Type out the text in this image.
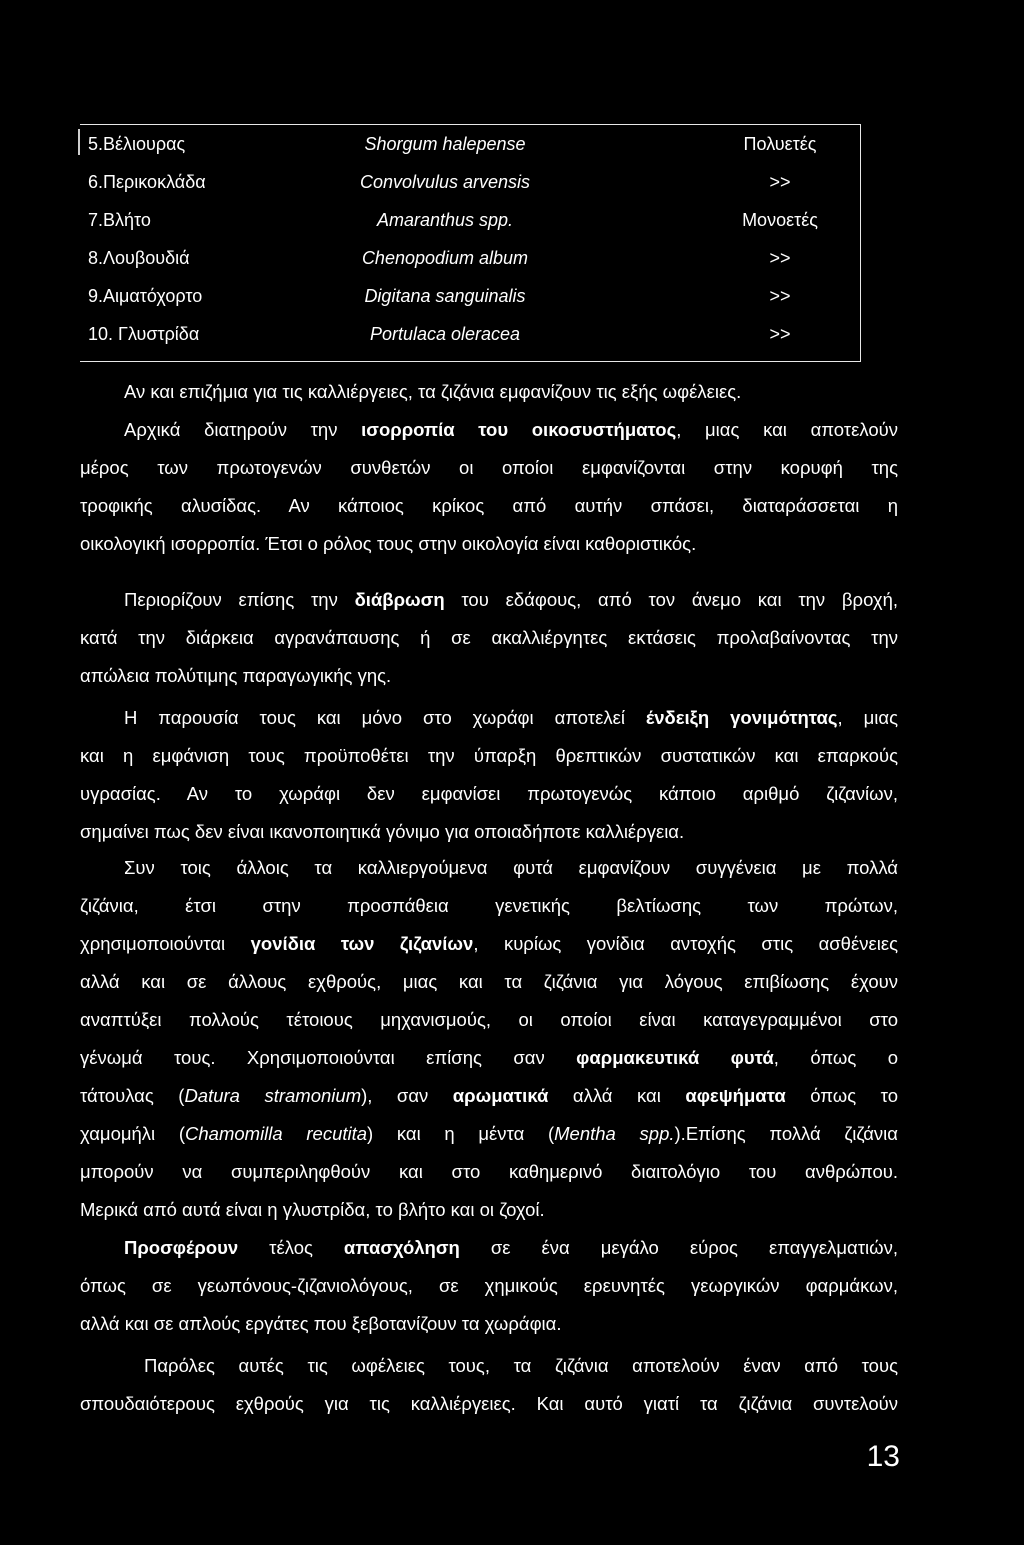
5.Βέλιουρας	Shorgum halepense	Πολυετές
6.Περικοκλάδα	Convolvulus arvensis	>>
7.Βλήτο	Amaranthus spp.	Μονοετές
8.Λουβουδιά	Chenopodium album	>>
9.Αιματόχορτο	Digitana sanguinalis	>>
10. Γλυστρίδα	Portulaca oleracea	>>
Αν και επιζήμια για τις καλλιέργειες, τα ζιζάνια εμφανίζουν τις εξής ωφέλειες.
Αρχικά διατηρούν την ισορροπία του οικοσυστήματος, μιας και αποτελούν
μέρος των πρωτογενών συνθετών οι οποίοι εμφανίζονται στην κορυφή της
τροφικής αλυσίδας. Αν κάποιος κρίκος από αυτήν σπάσει, διαταράσσεται η
οικολογική ισορροπία. Έτσι ο ρόλος τους στην οικολογία είναι καθοριστικός.
Περιορίζουν επίσης την διάβρωση του εδάφους, από τον άνεμο και την βροχή,
κατά την διάρκεια αγρανάπαυσης ή σε ακαλλιέργητες εκτάσεις προλαβαίνοντας την
απώλεια πολύτιμης παραγωγικής γης.
Η παρουσία τους και μόνο στο χωράφι αποτελεί ένδειξη γονιμότητας, μιας
και η εμφάνιση τους προϋποθέτει την ύπαρξη θρεπτικών συστατικών και επαρκούς
υγρασίας. Αν το χωράφι δεν εμφανίσει πρωτογενώς κάποιο αριθμό ζιζανίων,
σημαίνει πως δεν είναι ικανοποιητικά γόνιμο για οποιαδήποτε καλλιέργεια.
Συν τοις άλλοις τα καλλιεργούμενα φυτά εμφανίζουν συγγένεια με πολλά
ζιζάνια, έτσι στην προσπάθεια γενετικής βελτίωσης των πρώτων,
χρησιμοποιούνται γονίδια των ζιζανίων, κυρίως γονίδια αντοχής στις ασθένειες
αλλά και σε άλλους εχθρούς, μιας και τα ζιζάνια για λόγους επιβίωσης έχουν
αναπτύξει πολλούς τέτοιους μηχανισμούς, οι οποίοι είναι καταγεγραμμένοι στο
γένωμά τους. Χρησιμοποιούνται επίσης σαν φαρμακευτικά φυτά, όπως ο
τάτουλας (Datura stramonium), σαν αρωματικά αλλά και αφεψήματα όπως το
χαμομήλι (Chamomilla recutita) και η μέντα (Mentha spp.).Επίσης πολλά ζιζάνια
μπορούν να συμπεριληφθούν και στο καθημερινό διαιτολόγιο του ανθρώπου.
Μερικά από αυτά είναι η γλυστρίδα, το βλήτο και οι ζοχοί.
Προσφέρουν τέλος απασχόληση σε ένα μεγάλο εύρος επαγγελματιών,
όπως σε γεωπόνους-ζιζανιολόγους, σε χημικούς ερευνητές γεωργικών φαρμάκων,
αλλά και σε απλούς εργάτες που ξεβοτανίζουν τα χωράφια.
Παρόλες αυτές τις ωφέλειες τους, τα ζιζάνια αποτελούν έναν από τους
σπουδαιότερους εχθρούς για τις καλλιέργειες. Και αυτό γιατί τα ζιζάνια συντελούν
13
